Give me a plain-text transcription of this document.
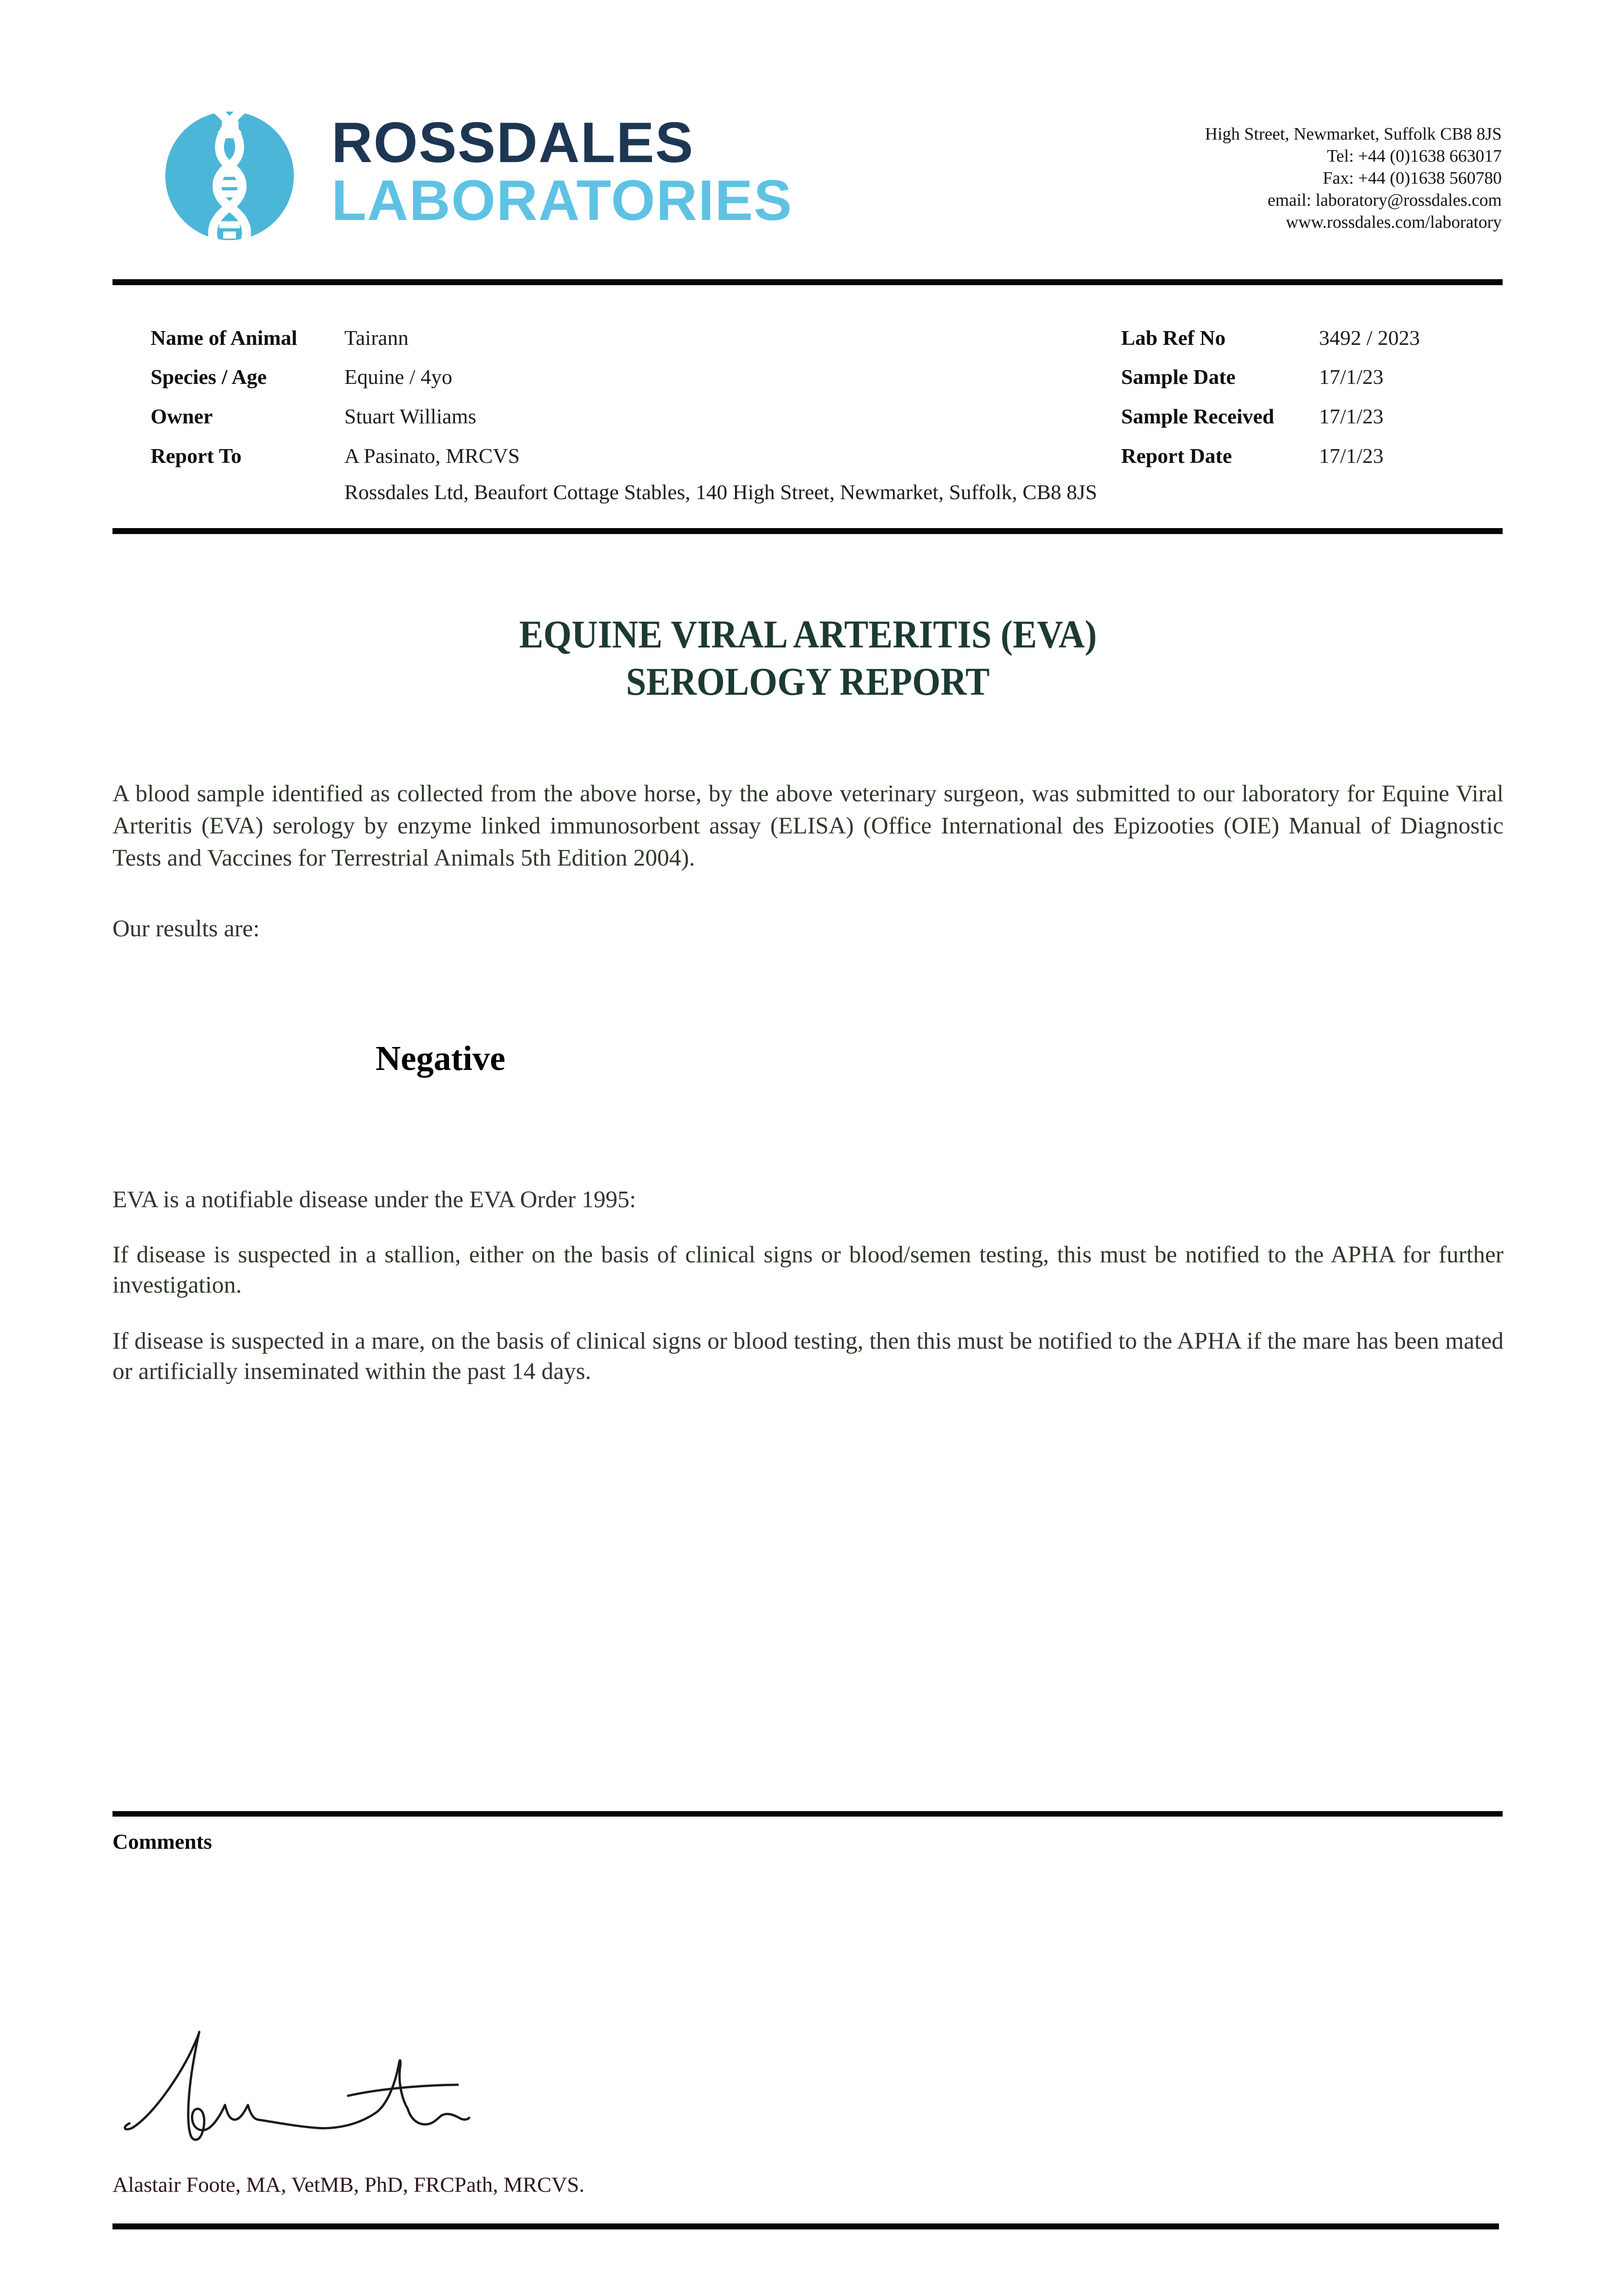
ROSSDALES
LABORATORIES
High Street, Newmarket, Suffolk CB8 8JS
Tel: +44 (0)1638 663017
Fax: +44 (0)1638 560780
email: laboratory@rossdales.com
www.rossdales.com/laboratory
Name of Animal Tairann
Species / Age	Equine / 4yo
Owner	Stuart Williams
Report To	A Pasinato, MRCVS
Lab Ref No	3492 / 2023
Sample Date	17/1/23
Sample Received 17/1/23
Report Date	17/1/23
Rossdales Ltd, Beaufort Cottage Stables, 140 High Street, Newmarket, Suffolk, CB8 8JS
EQUINE VIRAL ARTERITIS (EVA)
SEROLOGY REPORT
A blood sample identified as collected from the above horse, by the above veterinary surgeon, was submitted to our laboratory for Equine Viral Arteritis (EVA) serology by enzyme linked immunosorbent assay (ELISA) (Office International des Epizooties (OIE) Manual of Diagnostic Tests and Vaccines for Terrestrial Animals 5th Edition 2004).
Our results are:
Negative
EVA is a notifiable disease under the EVA Order 1995:
If disease is suspected in a stallion, either on the basis of clinical signs or blood/semen testing, this must be notified to the APHA for further investigation.
If disease is suspected in a mare, on the basis of clinical signs or blood testing, then this must be notified to the APHA if the mare has been mated or artificially inseminated within the past 14 days.
Comments
Alastair Foote, MA, VetMB, PhD, FRCPath, MRCVS.
